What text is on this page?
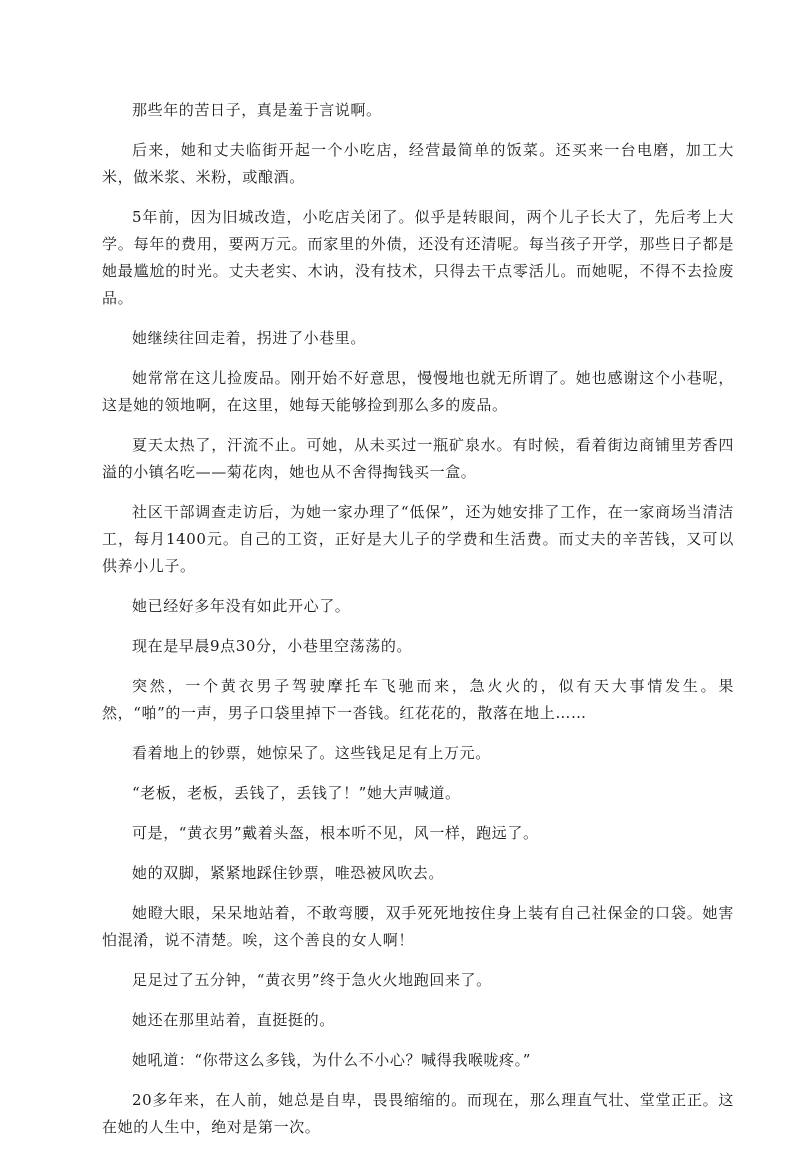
那些年的苦日子，真是羞于言说啊。

后来，她和丈夫临街开起一个小吃店，经营最简单的饭菜。还买来一台电磨，加工大米，做米浆、米粉，或酿酒。

5年前，因为旧城改造，小吃店关闭了。似乎是转眼间，两个儿子长大了，先后考上大学。每年的费用，要两万元。而家里的外债，还没有还清呢。每当孩子开学，那些日子都是她最尴尬的时光。丈夫老实、木讷，没有技术，只得去干点零活儿。而她呢，不得不去捡废品。

她继续往回走着，拐进了小巷里。

她常常在这儿捡废品。刚开始不好意思，慢慢地也就无所谓了。她也感谢这个小巷呢，这是她的领地啊，在这里，她每天能够捡到那么多的废品。

夏天太热了，汗流不止。可她，从未买过一瓶矿泉水。有时候，看着街边商铺里芳香四溢的小镇名吃——菊花肉，她也从不舍得掏钱买一盒。

社区干部调查走访后，为她一家办理了“低保”，还为她安排了工作，在一家商场当清洁工，每月1400元。自己的工资，正好是大儿子的学费和生活费。而丈夫的辛苦钱，又可以供养小儿子。

她已经好多年没有如此开心了。

现在是早晨9点30分，小巷里空荡荡的。

突然，一个黄衣男子驾驶摩托车飞驰而来，急火火的，似有天大事情发生。果然，“啪”的一声，男子口袋里掉下一沓钱。红花花的，散落在地上……

看着地上的钞票，她惊呆了。这些钱足足有上万元。

“老板，老板，丢钱了，丢钱了！”她大声喊道。

可是，“黄衣男”戴着头盔，根本听不见，风一样，跑远了。

她的双脚，紧紧地踩住钞票，唯恐被风吹去。

她瞪大眼，呆呆地站着，不敢弯腰，双手死死地按住身上装有自己社保金的口袋。她害怕混淆，说不清楚。唉，这个善良的女人啊！

足足过了五分钟，“黄衣男”终于急火火地跑回来了。

她还在那里站着，直挺挺的。

她吼道：“你带这么多钱，为什么不小心？喊得我喉咙疼。”

20多年来，在人前，她总是自卑，畏畏缩缩的。而现在，那么理直气壮、堂堂正正。这在她的人生中，绝对是第一次。
